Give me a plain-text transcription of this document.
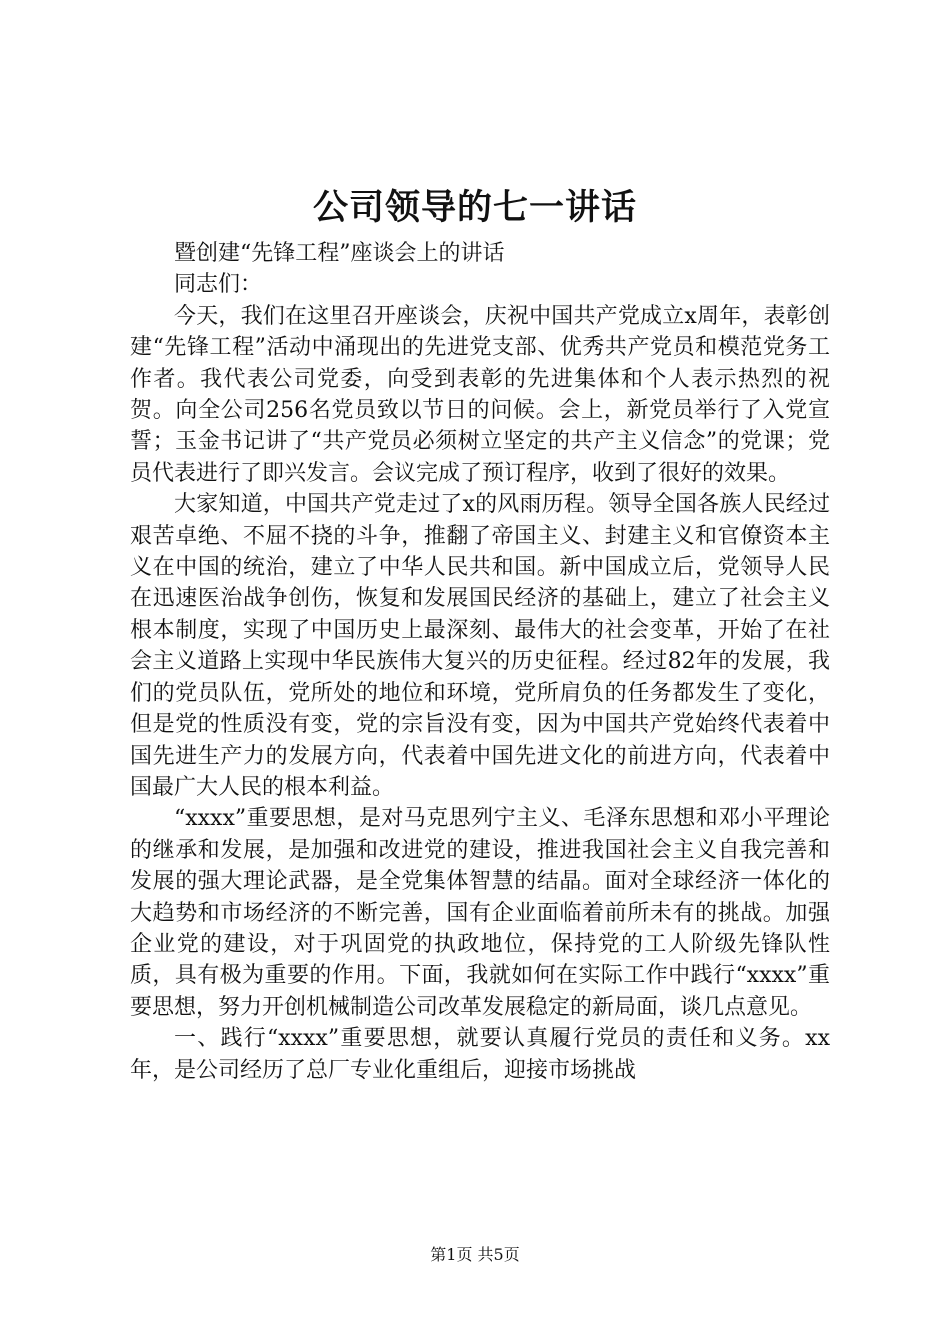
公司领导的七一讲话

暨创建“先锋工程”座谈会上的讲话

同志们：

今天，我们在这里召开座谈会，庆祝中国共产党成立x周年，表彰创建“先锋工程”活动中涌现出的先进党支部、优秀共产党员和模范党务工作者。我代表公司党委，向受到表彰的先进集体和个人表示热烈的祝贺。向全公司256名党员致以节日的问候。会上，新党员举行了入党宣誓；玉金书记讲了“共产党员必须树立坚定的共产主义信念”的党课；党员代表进行了即兴发言。会议完成了预订程序，收到了很好的效果。

大家知道，中国共产党走过了x的风雨历程。领导全国各族人民经过艰苦卓绝、不屈不挠的斗争，推翻了帝国主义、封建主义和官僚资本主义在中国的统治，建立了中华人民共和国。新中国成立后，党领导人民在迅速医治战争创伤，恢复和发展国民经济的基础上，建立了社会主义根本制度，实现了中国历史上最深刻、最伟大的社会变革，开始了在社会主义道路上实现中华民族伟大复兴的历史征程。经过82年的发展，我们的党员队伍，党所处的地位和环境，党所肩负的任务都发生了变化，但是党的性质没有变，党的宗旨没有变，因为中国共产党始终代表着中国先进生产力的发展方向，代表着中国先进文化的前进方向，代表着中国最广大人民的根本利益。

“xxxx”重要思想，是对马克思列宁主义、毛泽东思想和邓小平理论的继承和发展，是加强和改进党的建设，推进我国社会主义自我完善和发展的强大理论武器，是全党集体智慧的结晶。面对全球经济一体化的大趋势和市场经济的不断完善，国有企业面临着前所未有的挑战。加强企业党的建设，对于巩固党的执政地位，保持党的工人阶级先锋队性质，具有极为重要的作用。下面，我就如何在实际工作中践行“xxxx”重要思想，努力开创机械制造公司改革发展稳定的新局面，谈几点意见。

一、践行“xxxx”重要思想，就要认真履行党员的责任和义务。xx年，是公司经历了总厂专业化重组后，迎接市场挑战

第1页 共5页
